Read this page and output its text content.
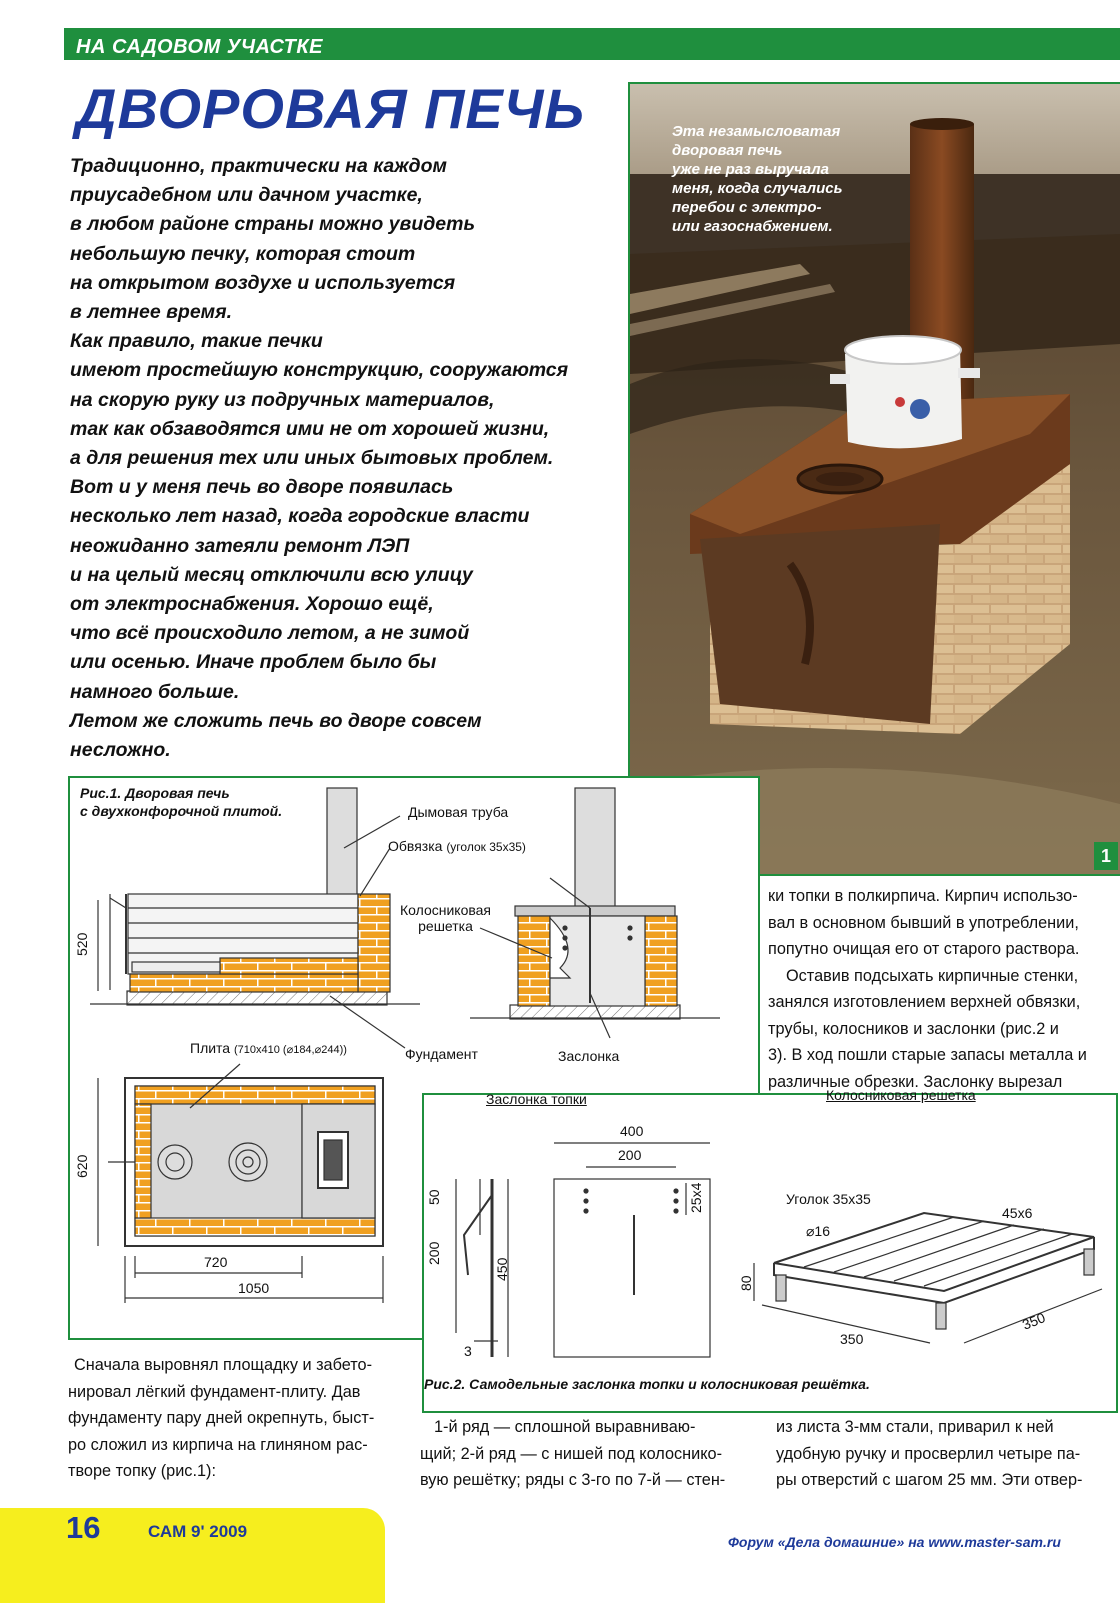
НА САДОВОМ УЧАСТКЕ
ДВОРОВАЯ ПЕЧЬ
Традиционно, практически на каждом
приусадебном или дачном участке,
в любом районе страны можно увидеть
небольшую печку, которая стоит
на открытом воздухе и используется
в летнее время.
Как правило, такие печки
имеют простейшую конструкцию, сооружаются
на скорую руку из подручных материалов,
так как обзаводятся ими не от хорошей жизни,
а для решения тех или иных бытовых проблем.
Вот и у меня печь во дворе появилась
несколько лет назад, когда городские власти
неожиданно затеяли ремонт ЛЭП
и на целый месяц отключили всю улицу
от электроснабжения. Хорошо ещё,
что всё происходило летом, а не зимой
или осенью. Иначе проблем было бы
намного больше.
Летом же сложить печь во дворе совсем
несложно.
Эта незамысловатая
дворовая печь
уже не раз выручала
меня, когда случались
перебои с электро-
или газоснабжением.
1
Рис.1. Дворовая печь
с двухконфорочной плитой.	Дымовая труба
Обвязка (уголок 35х35)
Колосниковая
решетка
Фундамент	Заслонка
Плита (710х410 (⌀184,⌀244))
520
620
720
1050
Заслонка топки	Колосниковая решетка
400
200
50
200
450
25х4
3
Уголок 35х35
⌀16
45х6
80
350
350
Рис.2. Самодельные заслонка топки и колосниковая решётка.
ки топки в полкирпича. Кирпич использо-
вал в основном бывший в употреблении,
попутно очищая его от старого раствора.
Оставив подсыхать кирпичные стенки,
занялся изготовлением верхней обвязки,
трубы, колосников и заслонки (рис.2 и
3). В ход пошли старые запасы металла и
различные обрезки. Заслонку вырезал
Сначала выровнял площадку и забето-
нировал лёгкий фундамент-плиту. Дав
фундаменту пару дней окрепнуть, быст-
ро сложил из кирпича на глиняном рас-
творе топку (рис.1):
1-й ряд — сплошной выравниваю-
щий; 2-й ряд — с нишей под колоснико-
вую решётку; ряды с 3-го по 7-й — стен-
из листа 3-мм стали, приварил к ней
удобную ручку и просверлил четыре па-
ры отверстий с шагом 25 мм. Эти отвер-
16	САМ 9' 2009
Форум «Дела домашние» на www.master-sam.ru
